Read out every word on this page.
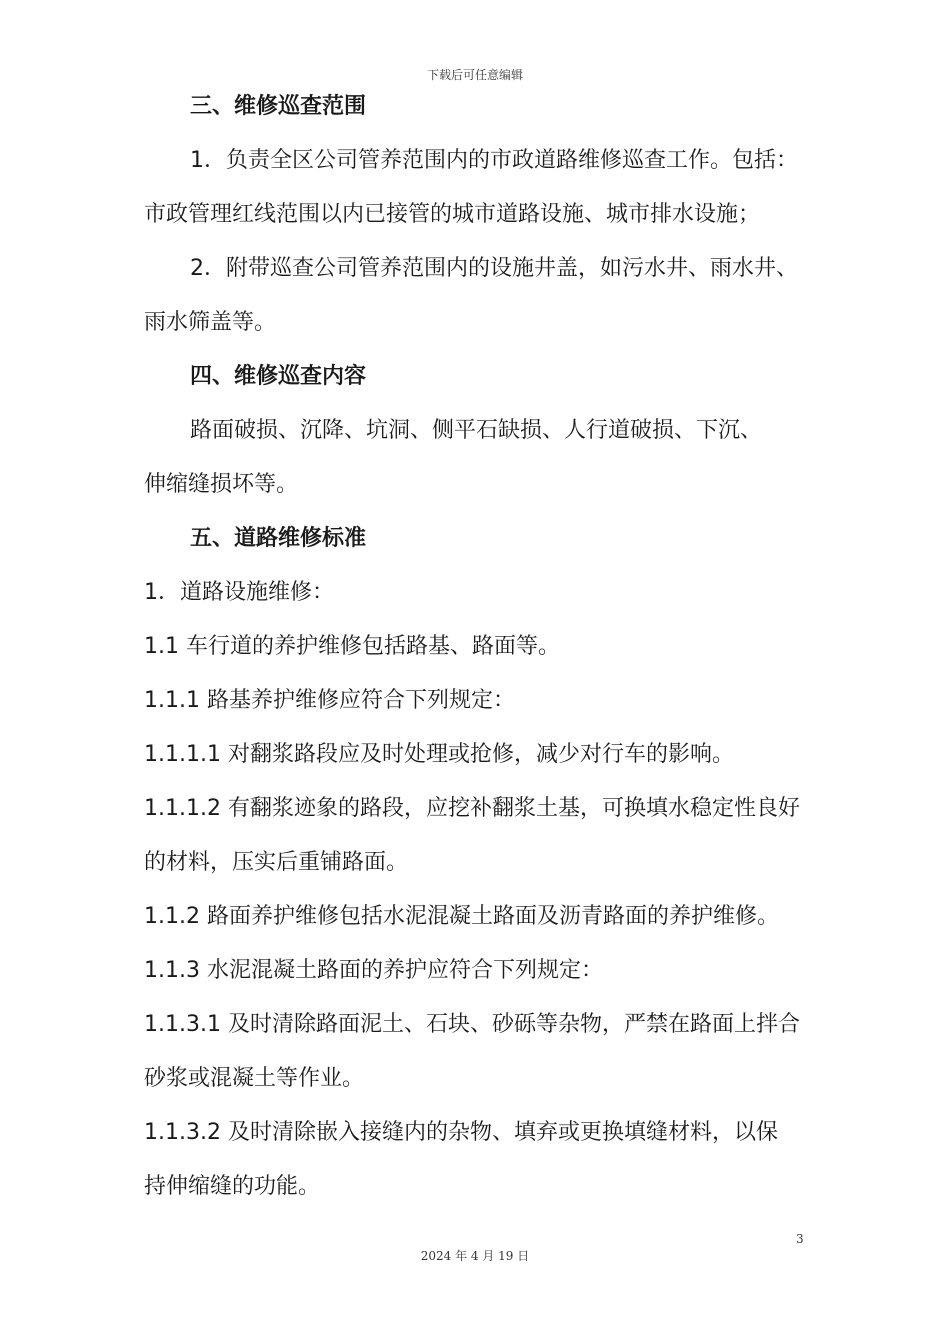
下载后可任意编辑
三、维修巡查范围
1．负责全区公司管养范围内的市政道路维修巡查工作。包括：
市政管理红线范围以内已接管的城市道路设施、城市排水设施；
2．附带巡查公司管养范围内的设施井盖，如污水井、雨水井、
雨水筛盖等。
四、维修巡查内容
路面破损、沉降、坑洞、侧平石缺损、人行道破损、下沉、
伸缩缝损坏等。
五、道路维修标准
1．道路设施维修：
1.1 车行道的养护维修包括路基、路面等。
1.1.1 路基养护维修应符合下列规定：
1.1.1.1 对翻浆路段应及时处理或抢修，减少对行车的影响。
1.1.1.2 有翻浆迹象的路段，应挖补翻浆土基，可换填水稳定性良好
的材料，压实后重铺路面。
1.1.2 路面养护维修包括水泥混凝土路面及沥青路面的养护维修。
1.1.3 水泥混凝土路面的养护应符合下列规定：
1.1.3.1 及时清除路面泥土、石块、砂砾等杂物，严禁在路面上拌合
砂浆或混凝土等作业。
1.1.3.2 及时清除嵌入接缝内的杂物、填弃或更换填缝材料，以保
持伸缩缝的功能。
3
2024 年 4 月 19 日
